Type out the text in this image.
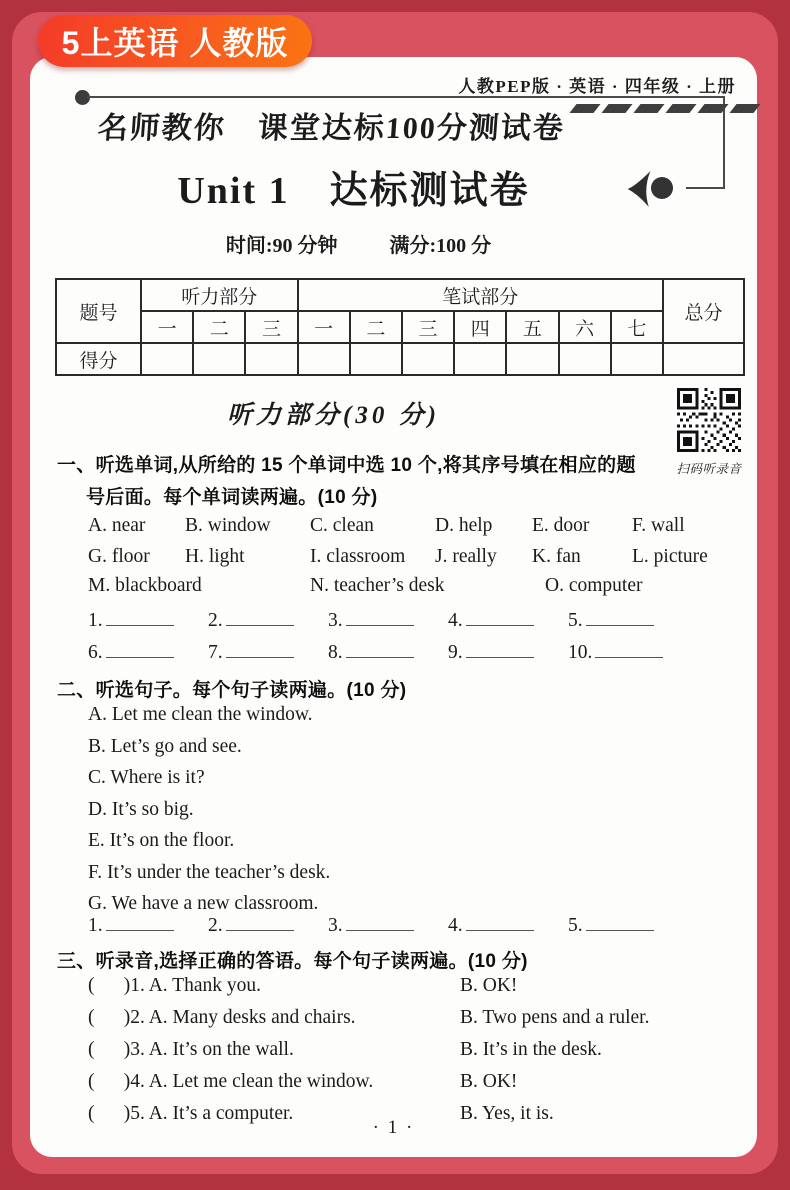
人教PEP版 · 英语 · 四年级 · 上册
名师教你　课堂达标100分测试卷
Unit 1　达标测试卷
时间:90 分钟	满分:100 分
题号	听力部分			笔试部分							总分
	一	二	三	一	二	三	四	五	六	七	
得分											
听力部分(30 分)
扫码听录音
一、听选单词,从所给的 15 个单词中选 10 个,将其序号填在相应的题
号后面。每个单词读两遍。(10 分)
A. near	B. window	C. clean	D. help	E. door	F. wall
G. floor	H. light	I. classroom	J. really	K. fan	L. picture
M. blackboard	N. teacher’s desk	O. computer
1.	2.	3.	4.	5.
6.	7.	8.	9.	10.
二、听选句子。每个句子读两遍。(10 分)
A. Let me clean the window.
B. Let’s go and see.
C. Where is it?
D. It’s so big.
E. It’s on the floor.
F. It’s under the teacher’s desk.
G. We have a new classroom.
1.	2.	3.	4.	5.
三、听录音,选择正确的答语。每个句子读两遍。(10 分)
(      )1. A. Thank you.	B. OK!
(      )2. A. Many desks and chairs.	B. Two pens and a ruler.
(      )3. A. It’s on the wall.	B. It’s in the desk.
(      )4. A. Let me clean the window.	B. OK!
(      )5. A. It’s a computer.	B. Yes, it is.
· 1 ·
5上英语 人教版
